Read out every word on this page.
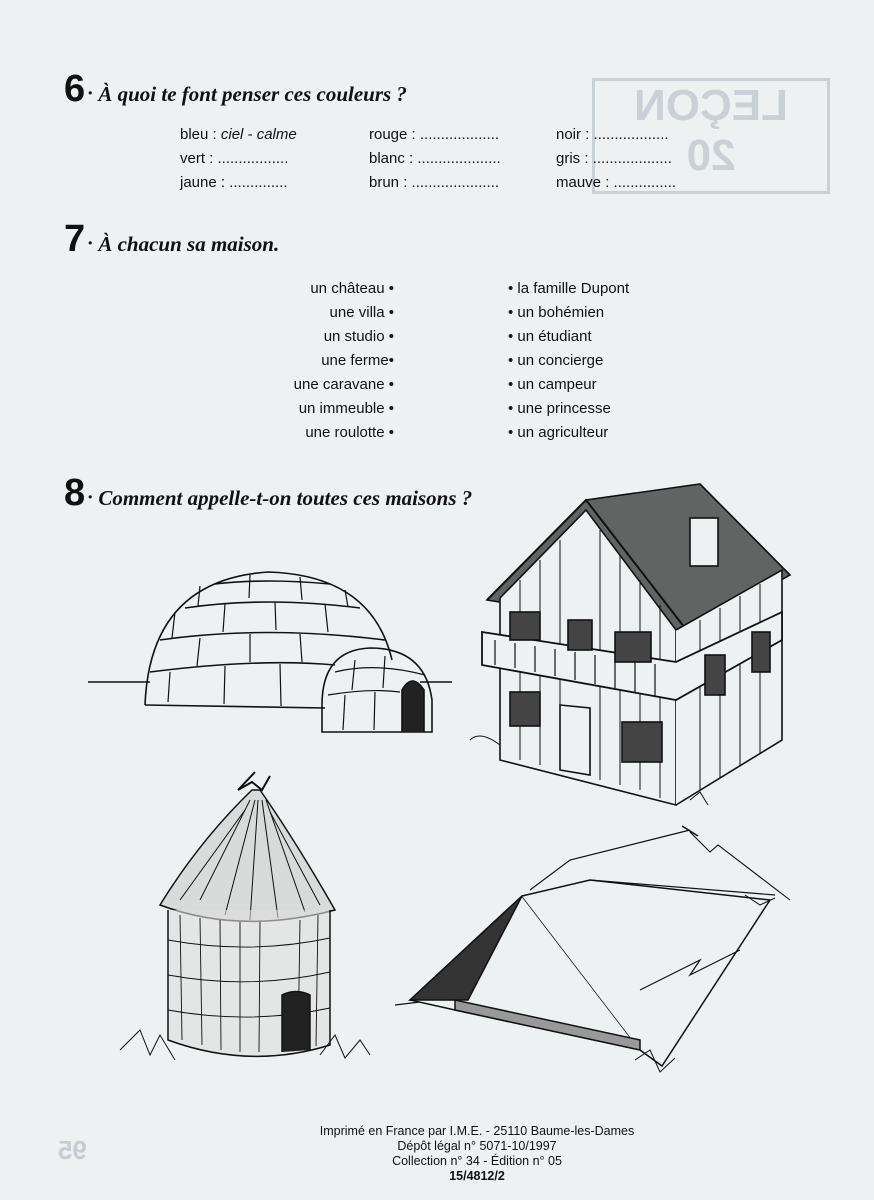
LEÇON
20
95
6 • À quoi te font penser ces couleurs ?
bleu : ciel - calme
vert : .................
jaune : ..............
rouge : ...................
blanc : ....................
brun : .....................
noir : ..................
gris : ...................
mauve : ...............
7 • À chacun sa maison.
un château •
une villa •
un studio •
une ferme•
une caravane •
un immeuble •
une roulotte •
• la famille Dupont
• un bohémien
• un étudiant
• un concierge
• un campeur
• une princesse
• un agriculteur
8 • Comment appelle-t-on toutes ces maisons ?
Imprimé en France par I.M.E. - 25110 Baume-les-Dames
Dépôt légal n° 5071-10/1997
Collection n° 34 - Édition n° 05
15/4812/2
